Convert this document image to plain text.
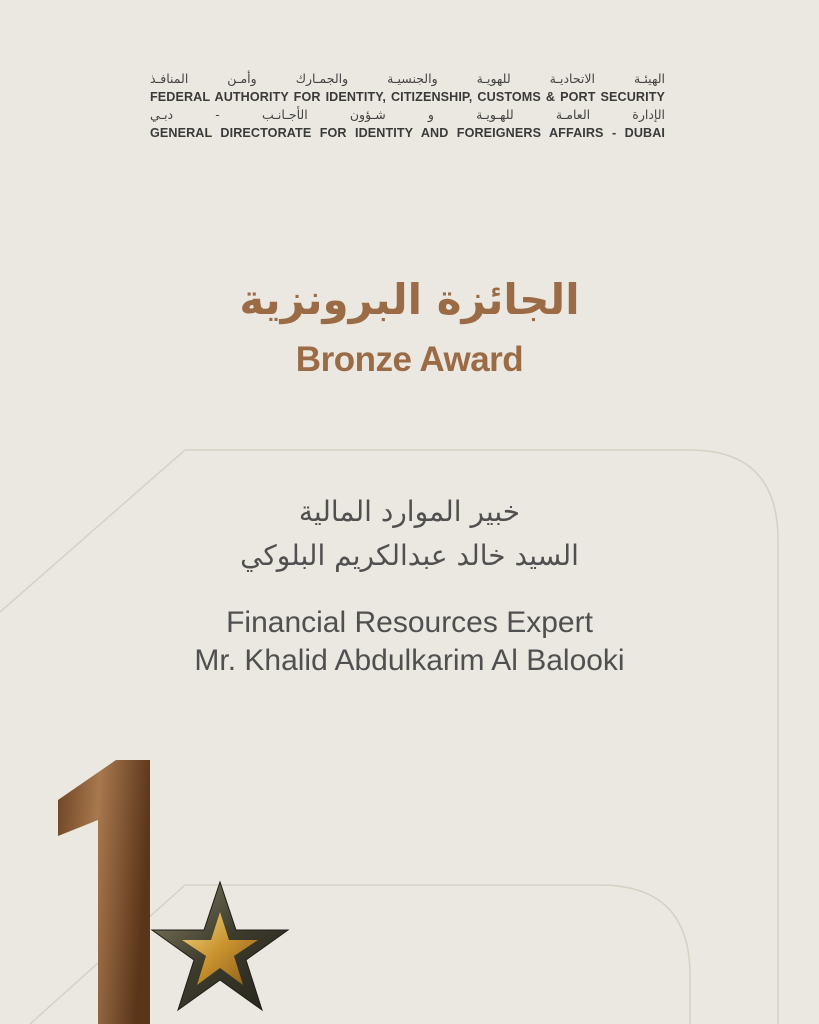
الهيئـة الاتحاديـة للهويـة والجنسيـة والجمـارك وأمـن المنافـذ
FEDERAL AUTHORITY FOR IDENTITY, CITIZENSHIP, CUSTOMS & PORT SECURITY
الإدارة العامـة للهـويـة و شـؤون الأجـانـب - دبـي
GENERAL DIRECTORATE FOR IDENTITY AND FOREIGNERS AFFAIRS - DUBAI
الجائزة البرونزية
Bronze Award
خبير الموارد المالية
السيد خالد عبدالكريم البلوكي
Financial Resources Expert
Mr. Khalid Abdulkarim Al Balooki
